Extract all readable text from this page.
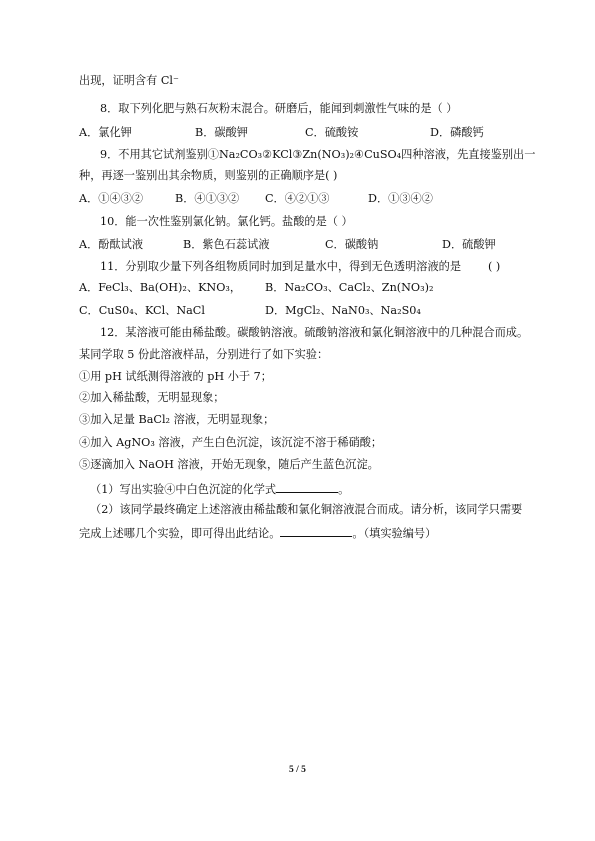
出现，证明含有 Cl⁻
8．取下列化肥与熟石灰粉末混合。研磨后，能闻到刺激性气味的是（ ）
A．氯化钾	B．碳酸钾	C．硫酸铵	D．磷酸钙
9．不用其它试剂鉴别①Na₂CO₃②KCl③Zn(NO₃)₂④CuSO₄四种溶液，先直接鉴别出一
种，再逐一鉴别出其余物质，则鉴别的正确顺序是( )
A．①④③②	B．④①③② C．④②①③	D．①③④②
10．能一次性鉴别氯化钠。氯化钙。盐酸的是（ ）
A．酚酞试液	B．紫色石蕊试液	C．碳酸钠	D．硫酸钾
11．分别取少量下列各组物质同时加到足量水中，得到无色透明溶液的是 ( )
A．FeCl₃、Ba(OH)₂、KNO₃， B．Na₂CO₃、CaCl₂、Zn(NO₃)₂
C．CuS0₄、KCl、NaCl	D．MgCl₂、NaN0₃、Na₂S0₄
12．某溶液可能由稀盐酸。碳酸钠溶液。硫酸钠溶液和氯化铜溶液中的几种混合而成。
某同学取 5 份此溶液样品，分别进行了如下实验：
①用 pH 试纸测得溶液的 pH 小于 7；
②加入稀盐酸，无明显现象；
③加入足量 BaCl₂ 溶液，无明显现象；
④加入 AgNO₃ 溶液，产生白色沉淀，该沉淀不溶于稀硝酸；
⑤逐滴加入 NaOH 溶液，开始无现象，随后产生蓝色沉淀。
（1）写出实验④中白色沉淀的化学式	。
（2）该同学最终确定上述溶液由稀盐酸和氯化铜溶液混合而成。请分析，该同学只需要
完成上述哪几个实验，即可得出此结论。	。（填实验编号）
5 / 5
